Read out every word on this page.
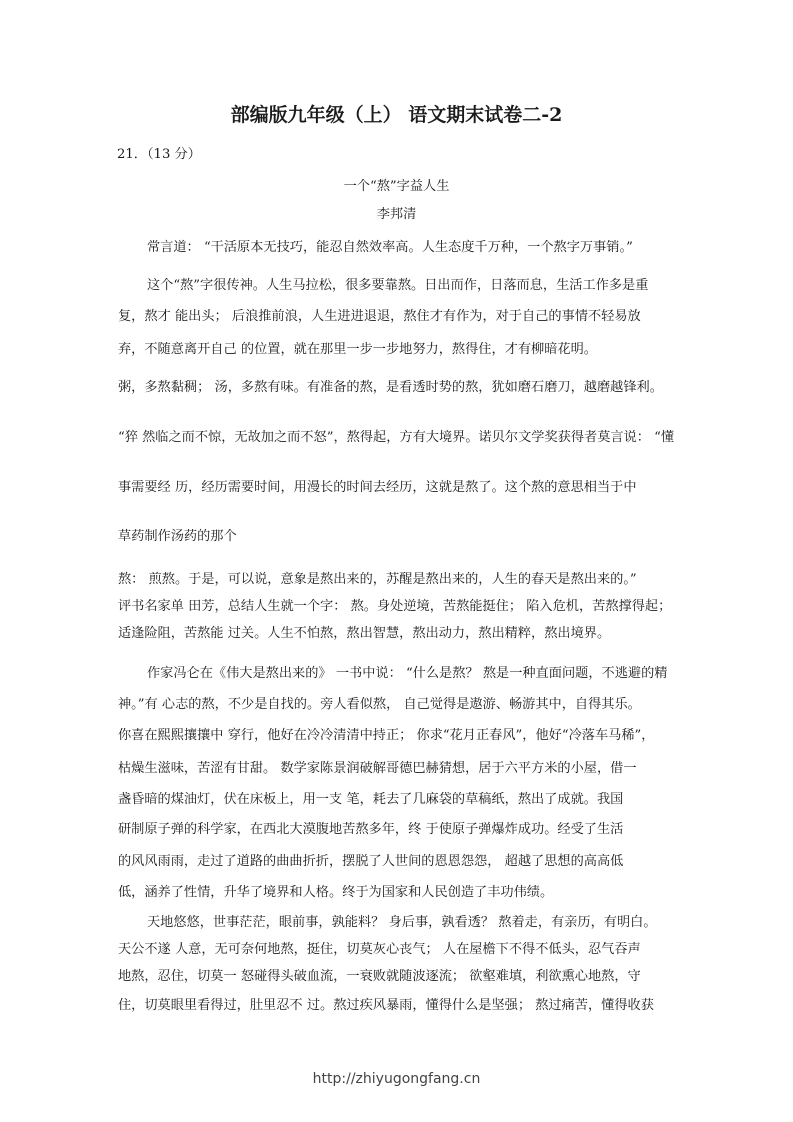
部编版九年级（上） 语文期末试卷二-2
21．（13 分）
一个“熬”字益人生
李邦清
常言道： “干活原本无技巧，能忍自然效率高。人生态度千万种，一个熬字万事销。”
这个“熬”字很传神。人生马拉松，很多要靠熬。日出而作，日落而息，生活工作多是重
复，熬才 能出头； 后浪推前浪，人生进进退退，熬住才有作为，对于自己的事情不轻易放
弃，不随意离开自己 的位置，就在那里一步一步地努力，熬得住，才有柳暗花明。
粥，多熬黏稠； 汤，多熬有味。有准备的熬，是看透时势的熬，犹如磨石磨刀，越磨越锋利。
“猝 然临之而不惊，无故加之而不怒”，熬得起，方有大境界。诺贝尔文学奖获得者莫言说： “懂
事需要经 历，经历需要时间，用漫长的时间去经历，这就是熬了。这个熬的意思相当于中
草药制作汤药的那个
熬： 煎熬。于是，可以说，意象是熬出来的，苏醒是熬出来的，人生的春天是熬出来的。”
评书名家单 田芳，总结人生就一个字： 熬。身处逆境，苦熬能挺住； 陷入危机，苦熬撑得起；
适逢险阻，苦熬能 过关。人生不怕熬，熬出智慧，熬出动力，熬出精粹，熬出境界。
作家冯仑在《伟大是熬出来的》 一书中说： “什么是熬？ 熬是一种直面问题，不逃避的精
神。”有 心志的熬，不少是自找的。旁人看似熬， 自己觉得是遨游、畅游其中，自得其乐。
你喜在熙熙攘攘中 穿行，他好在冷冷清清中持正； 你求“花月正春风”，他好“冷落车马稀”，
枯燥生滋味，苦涩有甘甜。 数学家陈景润破解哥德巴赫猜想，居于六平方米的小屋，借一
盏昏暗的煤油灯，伏在床板上，用一支 笔，耗去了几麻袋的草稿纸，熬出了成就。我国
研制原子弹的科学家，在西北大漠腹地苦熬多年，终 于使原子弹爆炸成功。经受了生活
的风风雨雨，走过了道路的曲曲折折，摆脱了人世间的恩恩怨怨， 超越了思想的高高低
低，涵养了性情，升华了境界和人格。终于为国家和人民创造了丰功伟绩。
天地悠悠，世事茫茫，眼前事，孰能料？ 身后事，孰看透？ 熬着走，有亲历，有明白。
天公不遂 人意，无可奈何地熬，挺住，切莫灰心丧气； 人在屋檐下不得不低头，忍气吞声
地熬，忍住，切莫一 怒碰得头破血流，一衰败就随波逐流； 欲壑难填，利欲熏心地熬，守
住，切莫眼里看得过，肚里忍不 过。熬过疾风暴雨，懂得什么是坚强； 熬过痛苦，懂得收获
http://zhiyugongfang.cn
